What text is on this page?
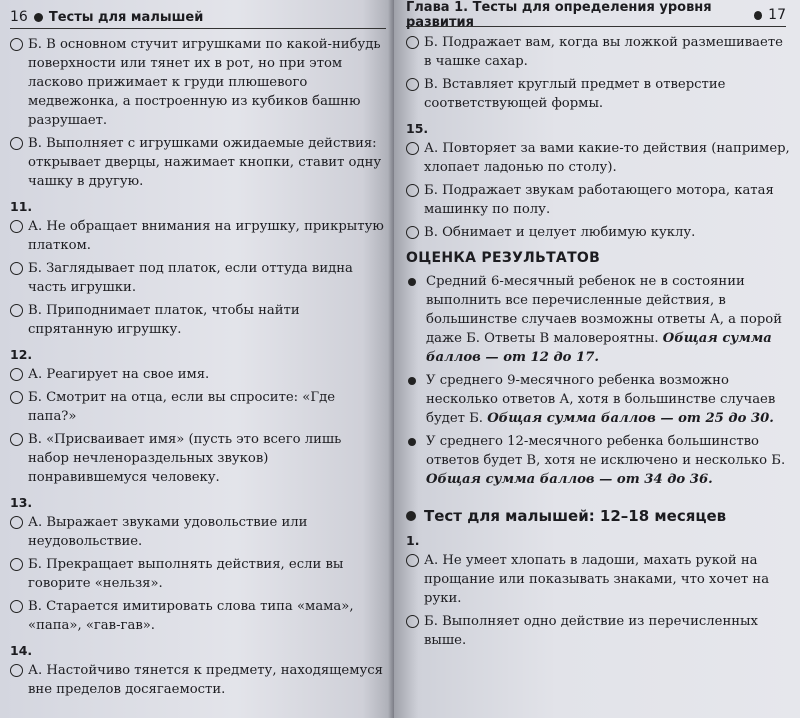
16 Тесты для малышей
Б. В основном стучит игрушками по какой-нибудь поверхности или тянет их в рот, но при этом ласково прижимает к груди плюшевого медвежонка, а построенную из кубиков башню разрушает.
В. Выполняет с игрушками ожидаемые действия: открывает дверцы, нажимает кнопки, ставит одну чашку в другую.
11.
А. Не обращает внимания на игрушку, прикрытую платком.
Б. Заглядывает под платок, если оттуда видна часть игрушки.
В. Приподнимает платок, чтобы найти спрятанную игрушку.
12.
А. Реагирует на свое имя.
Б. Смотрит на отца, если вы спросите: «Где папа?»
В. «Присваивает имя» (пусть это всего лишь набор нечленораздельных звуков) понравившемуся человеку.
13.
А. Выражает звуками удовольствие или неудовольствие.
Б. Прекращает выполнять действия, если вы говорите «нельзя».
В. Старается имитировать слова типа «мама», «папа», «гав-гав».
14.
А. Настойчиво тянется к предмету, находящемуся вне пределов досягаемости.
Глава 1. Тесты для определения уровня развития	17
Б. Подражает вам, когда вы ложкой размешиваете в чашке сахар.
В. Вставляет круглый предмет в отверстие соответствующей формы.
15.
А. Повторяет за вами какие-то действия (например, хлопает ладонью по столу).
Б. Подражает звукам работающего мотора, катая машинку по полу.
В. Обнимает и целует любимую куклу.
ОЦЕНКА РЕЗУЛЬТАТОВ
Средний 6-месячный ребенок не в состоянии выполнить все перечисленные действия, в большинстве случаев возможны ответы А, а порой даже Б. Ответы В маловероятны. Общая сумма баллов — от 12 до 17.
У среднего 9-месячного ребенка возможно несколько ответов А, хотя в большинстве случаев будет Б. Общая сумма баллов — от 25 до 30.
У среднего 12-месячного ребенка большинство ответов будет В, хотя не исключено и несколько Б. Общая сумма баллов — от 34 до 36.
Тест для малышей: 12–18 месяцев
1.
А. Не умеет хлопать в ладоши, махать рукой на прощание или показывать знаками, что хочет на руки.
Б. Выполняет одно действие из перечисленных выше.
